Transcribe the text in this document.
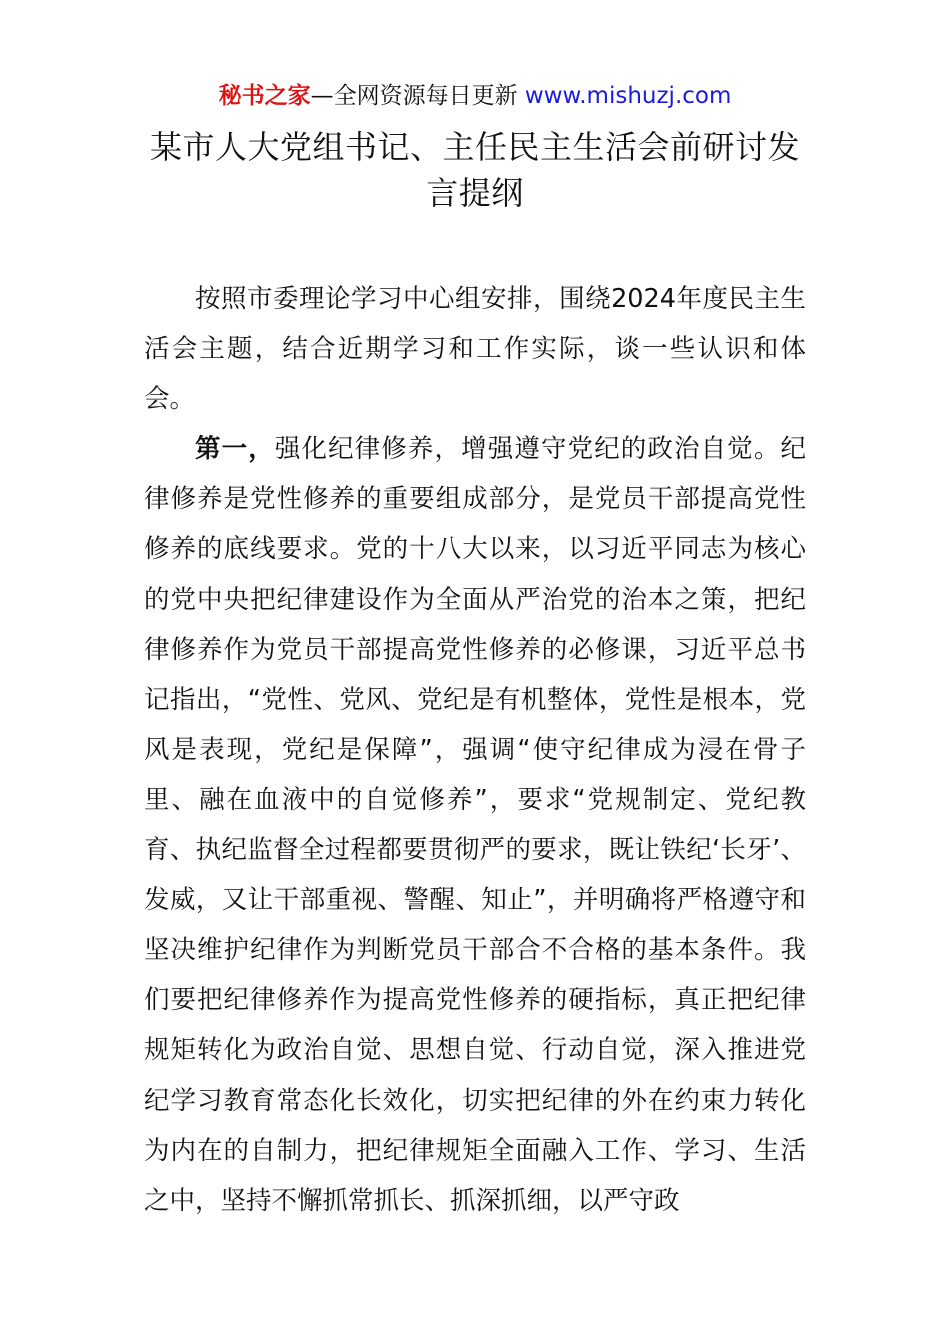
秘书之家—全网资源每日更新 www.mishuzj.com
某市人大党组书记、主任民主生活会前研讨发言提纲

按照市委理论学习中心组安排，围绕2024年度民主生活会主题，结合近期学习和工作实际，谈一些认识和体会。

第一，强化纪律修养，增强遵守党纪的政治自觉。纪律修养是党性修养的重要组成部分，是党员干部提高党性修养的底线要求。党的十八大以来，以习近平同志为核心的党中央把纪律建设作为全面从严治党的治本之策，把纪律修养作为党员干部提高党性修养的必修课，习近平总书记指出，“党性、党风、党纪是有机整体，党性是根本，党风是表现，党纪是保障”，强调“使守纪律成为浸在骨子里、融在血液中的自觉修养”，要求“党规制定、党纪教育、执纪监督全过程都要贯彻严的要求，既让铁纪‘长牙’、发威，又让干部重视、警醒、知止”，并明确将严格遵守和坚决维护纪律作为判断党员干部合不合格的基本条件。我们要把纪律修养作为提高党性修养的硬指标，真正把纪律规矩转化为政治自觉、思想自觉、行动自觉，深入推进党纪学习教育常态化长效化，切实把纪律的外在约束力转化为内在的自制力，把纪律规矩全面融入工作、学习、生活之中，坚持不懈抓常抓长、抓深抓细，以严守政
